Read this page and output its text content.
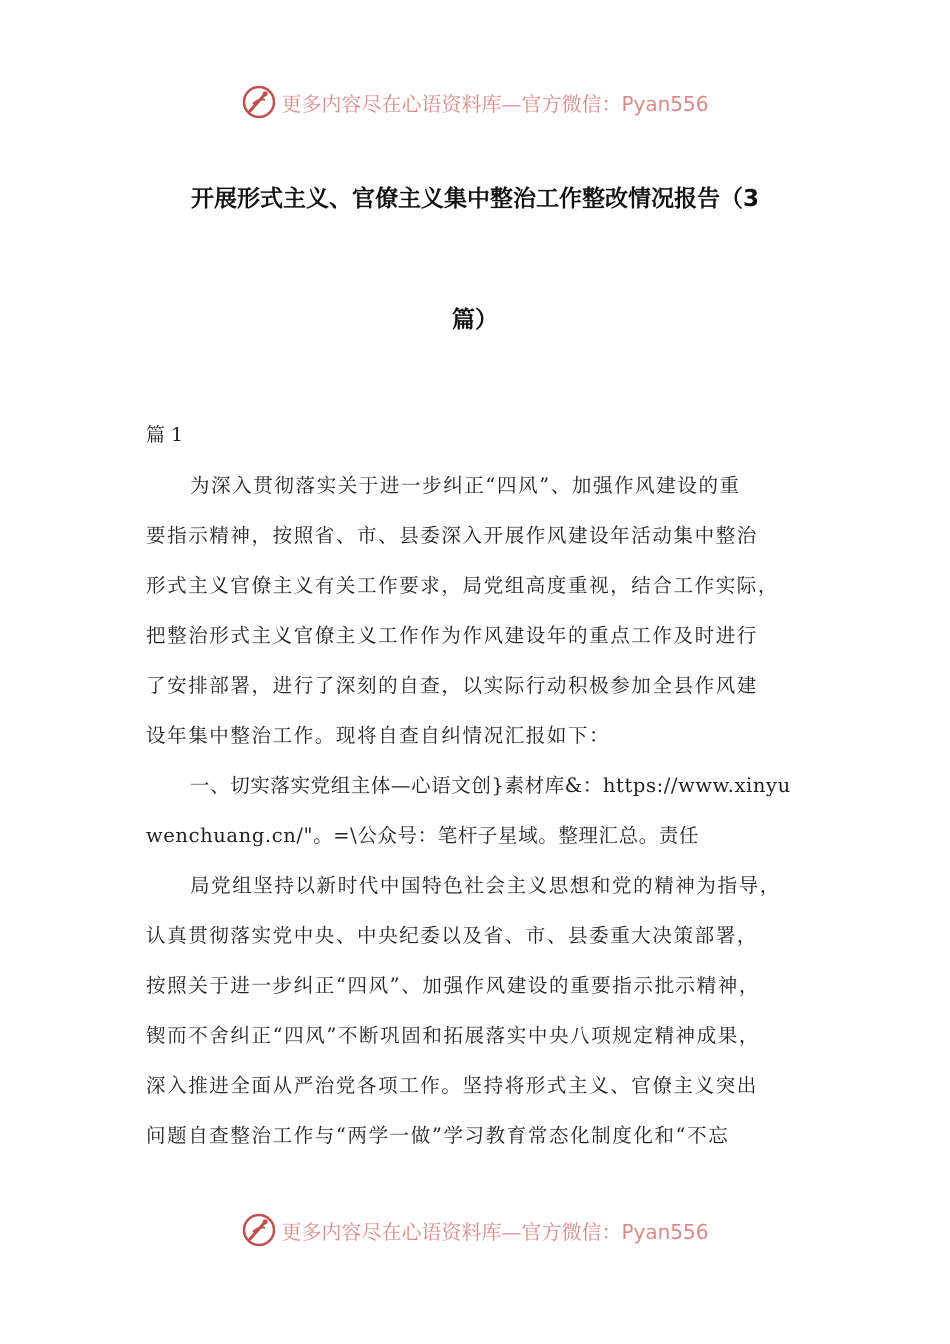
更多内容尽在心语资料库— 官方微信：Pyan556
开展形式主义、官僚主义集中整治工作整改情况报告（3
篇）
篇 1
为深入贯彻落实关于进一步纠正“四风”、加强作风建设的重
要指示精神，按照省、市、县委深入开展作风建设年活动集中整治
形式主义官僚主义有关工作要求，局党组高度重视，结合工作实际，
把整治形式主义官僚主义工作作为作风建设年的重点工作及时进行
了安排部署，进行了深刻的自查，以实际行动积极参加全县作风建
设年集中整治工作。现将自查自纠情况汇报如下：
一、切实落实党组主体—心语文创}素材库&：https://www.xinyu
wenchuang.cn/"。=\公众号：笔杆子星域。整理汇总。责任
局党组坚持以新时代中国特色社会主义思想和党的精神为指导，
认真贯彻落实党中央、中央纪委以及省、市、县委重大决策部署，
按照关于进一步纠正“四风”、加强作风建设的重要指示批示精神，
锲而不舍纠正“四风”不断巩固和拓展落实中央八项规定精神成果，
深入推进全面从严治党各项工作。坚持将形式主义、官僚主义突出
问题自查整治工作与“两学一做”学习教育常态化制度化和“不忘
更多内容尽在心语资料库— 官方微信：Pyan556
